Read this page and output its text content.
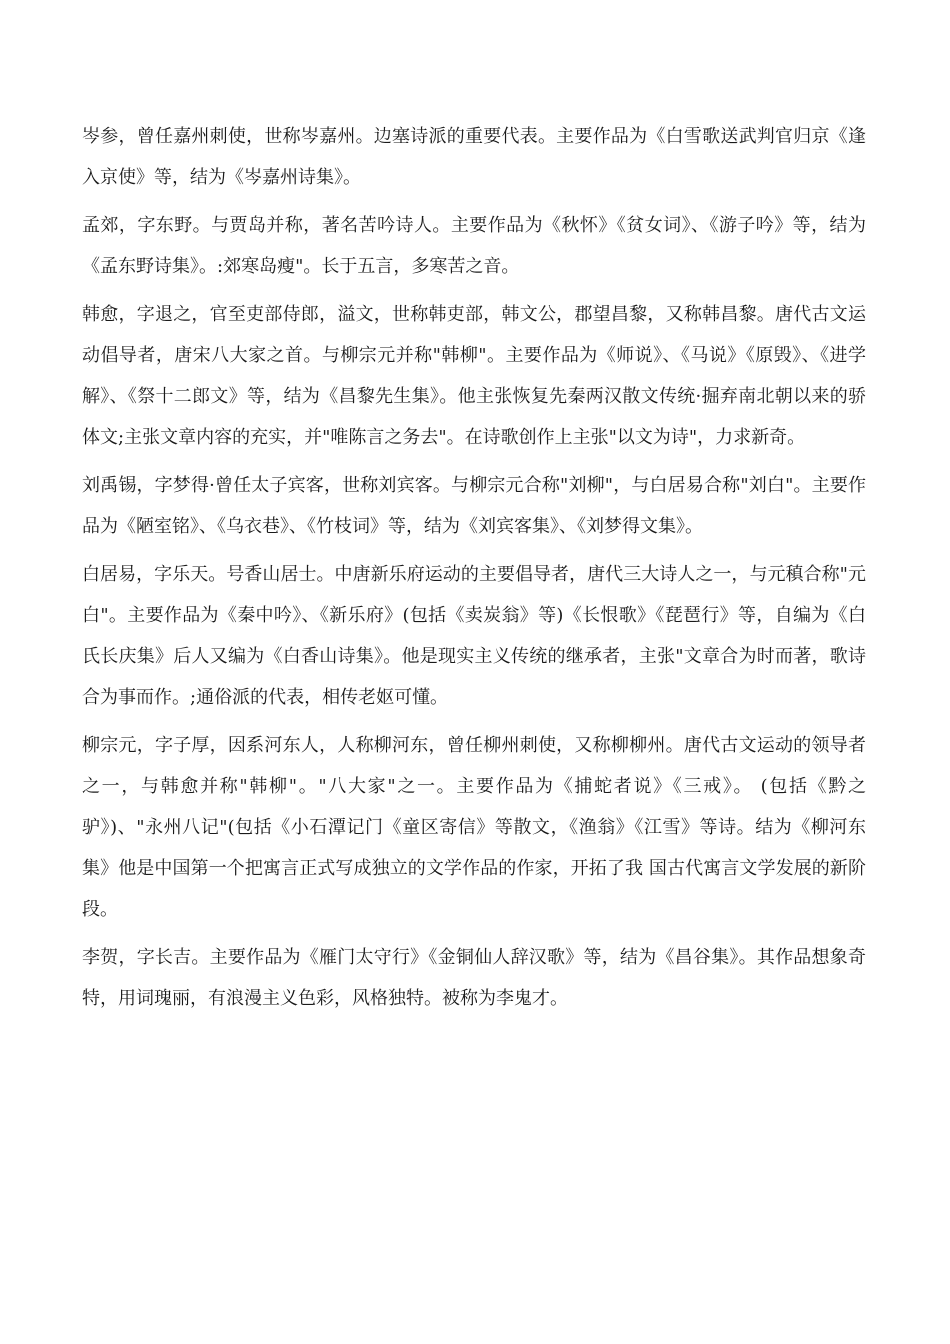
岑参，曾任嘉州刺使，世称岑嘉州。边塞诗派的重要代表。主要作品为《白雪歌送武判官归京《逢入京使》等，结为《岑嘉州诗集》。

孟郊，字东野。与贾岛并称，著名苦吟诗人。主要作品为《秋怀》《贫女词》、《游子吟》等，结为《孟东野诗集》。:郊寒岛瘦"。长于五言，多寒苦之音。

韩愈，字退之，官至吏部侍郎，溢文，世称韩吏部，韩文公，郡望昌黎，又称韩昌黎。唐代古文运动倡导者，唐宋八大家之首。与柳宗元并称"韩柳"。主要作品为《师说》、《马说》《原毁》、《进学解》、《祭十二郎文》等，结为《昌黎先生集》。他主张恢复先秦两汉散文传统·掘弃南北朝以来的骄体文;主张文章内容的充实，并"唯陈言之务去"。在诗歌创作上主张"以文为诗"，力求新奇。

刘禹锡，字梦得·曾任太子宾客，世称刘宾客。与柳宗元合称"刘柳"，与白居易合称"刘白"。主要作品为《陋室铭》、《乌衣巷》、《竹枝词》等，结为《刘宾客集》、《刘梦得文集》。

白居易，字乐天。号香山居士。中唐新乐府运动的主要倡导者，唐代三大诗人之一，与元稹合称"元白"。主要作品为《秦中吟》、《新乐府》(包括《卖炭翁》等)《长恨歌》《琵琶行》等，自编为《白氏长庆集》后人又编为《白香山诗集》。他是现实主义传统的继承者，主张"文章合为时而著，歌诗合为事而作。;通俗派的代表，相传老妪可懂。

柳宗元，字子厚，因系河东人，人称柳河东，曾任柳州刺使，又称柳柳州。唐代古文运动的领导者之一，与韩愈并称"韩柳"。"八大家"之一。主要作品为《捕蛇者说》《三戒》。 (包括《黔之驴》)、"永州八记"(包括《小石潭记门《童区寄信》等散文，《渔翁》《江雪》等诗。结为《柳河东集》他是中国第一个把寓言正式写成独立的文学作品的作家，开拓了我 国古代寓言文学发展的新阶段。

李贺，字长吉。主要作品为《雁门太守行》《金铜仙人辞汉歌》等，结为《昌谷集》。其作品想象奇特，用词瑰丽，有浪漫主义色彩，风格独特。被称为李鬼才。
